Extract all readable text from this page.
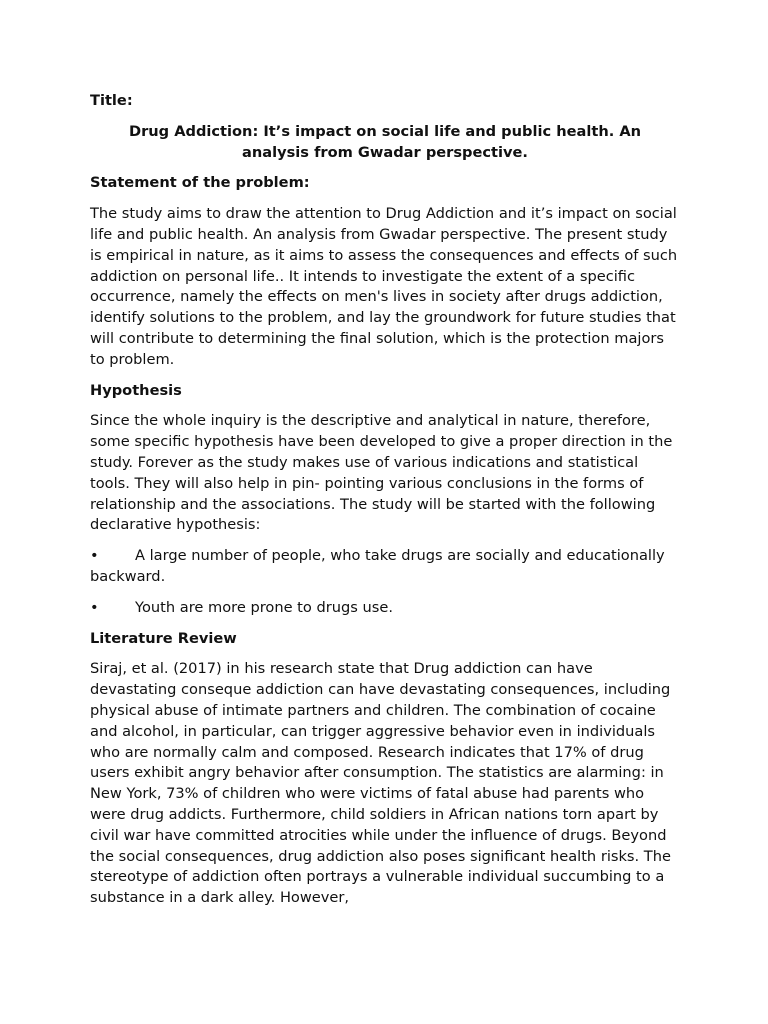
Title:

Drug Addiction: It’s impact on social life and public health. An
analysis from Gwadar perspective.

Statement of the problem:

The study aims to draw the attention to Drug Addiction and it’s impact on social life and public health. An analysis from Gwadar perspective. The present study is empirical in nature, as it aims to assess the consequences and effects of such addiction on personal life.. It intends to investigate the extent of a specific occurrence, namely the effects on men's lives in society after drugs addiction, identify solutions to the problem, and lay the groundwork for future studies that will contribute to determining the final solution, which is the protection majors to problem.

Hypothesis

Since the whole inquiry is the descriptive and analytical in nature, therefore, some specific hypothesis have been developed to give a proper direction in the study. Forever as the study makes use of various indications and statistical tools. They will also help in pin- pointing various conclusions in the forms of relationship and the associations. The study will be started with the following declarative hypothesis:

• A large number of people, who take drugs are socially and educationally backward.

• Youth are more prone to drugs use.

Literature Review

Siraj, et al. (2017) in his research state that Drug addiction can have devastating conseque addiction can have devastating consequences, including physical abuse of intimate partners and children. The combination of cocaine and alcohol, in particular, can trigger aggressive behavior even in individuals who are normally calm and composed. Research indicates that 17% of drug users exhibit angry behavior after consumption. The statistics are alarming: in New York, 73% of children who were victims of fatal abuse had parents who were drug addicts. Furthermore, child soldiers in African nations torn apart by civil war have committed atrocities while under the influence of drugs. Beyond the social consequences, drug addiction also poses significant health risks. The stereotype of addiction often portrays a vulnerable individual succumbing to a substance in a dark alley. However,
